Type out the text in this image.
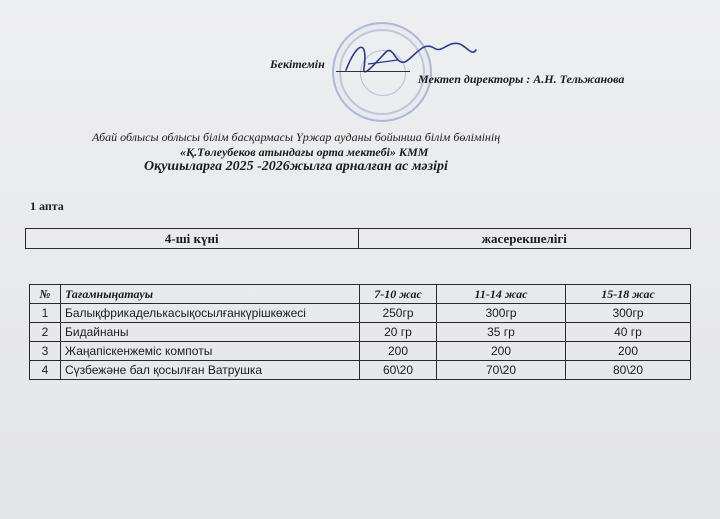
Бекітемін
Мектеп директоры : А.Н. Тельжанова
Абай облысы облысы білім басқармасы Үржар ауданы бойынша білім бөлімінің
«Қ.Төлеубеков атындағы орта мектебі» КММ
Оқушыларға 2025 -2026жылға арналған ас мәзірі
1 апта
4-ші күні	жасерекшелігі
№	Тағамныңатауы	7-10 жас	11-14 жас	15-18 жас
1	Балықфрикаделькасықосылғанкүрішкөжесі	250гр	300гр	300гр
2	Бидайнаны	20 гр	35 гр	40 гр
3	Жаңапіскенжеміс компоты	200	200	200
4	Сүзбежәне бал қосылған Ватрушка	60\20	70\20	80\20
